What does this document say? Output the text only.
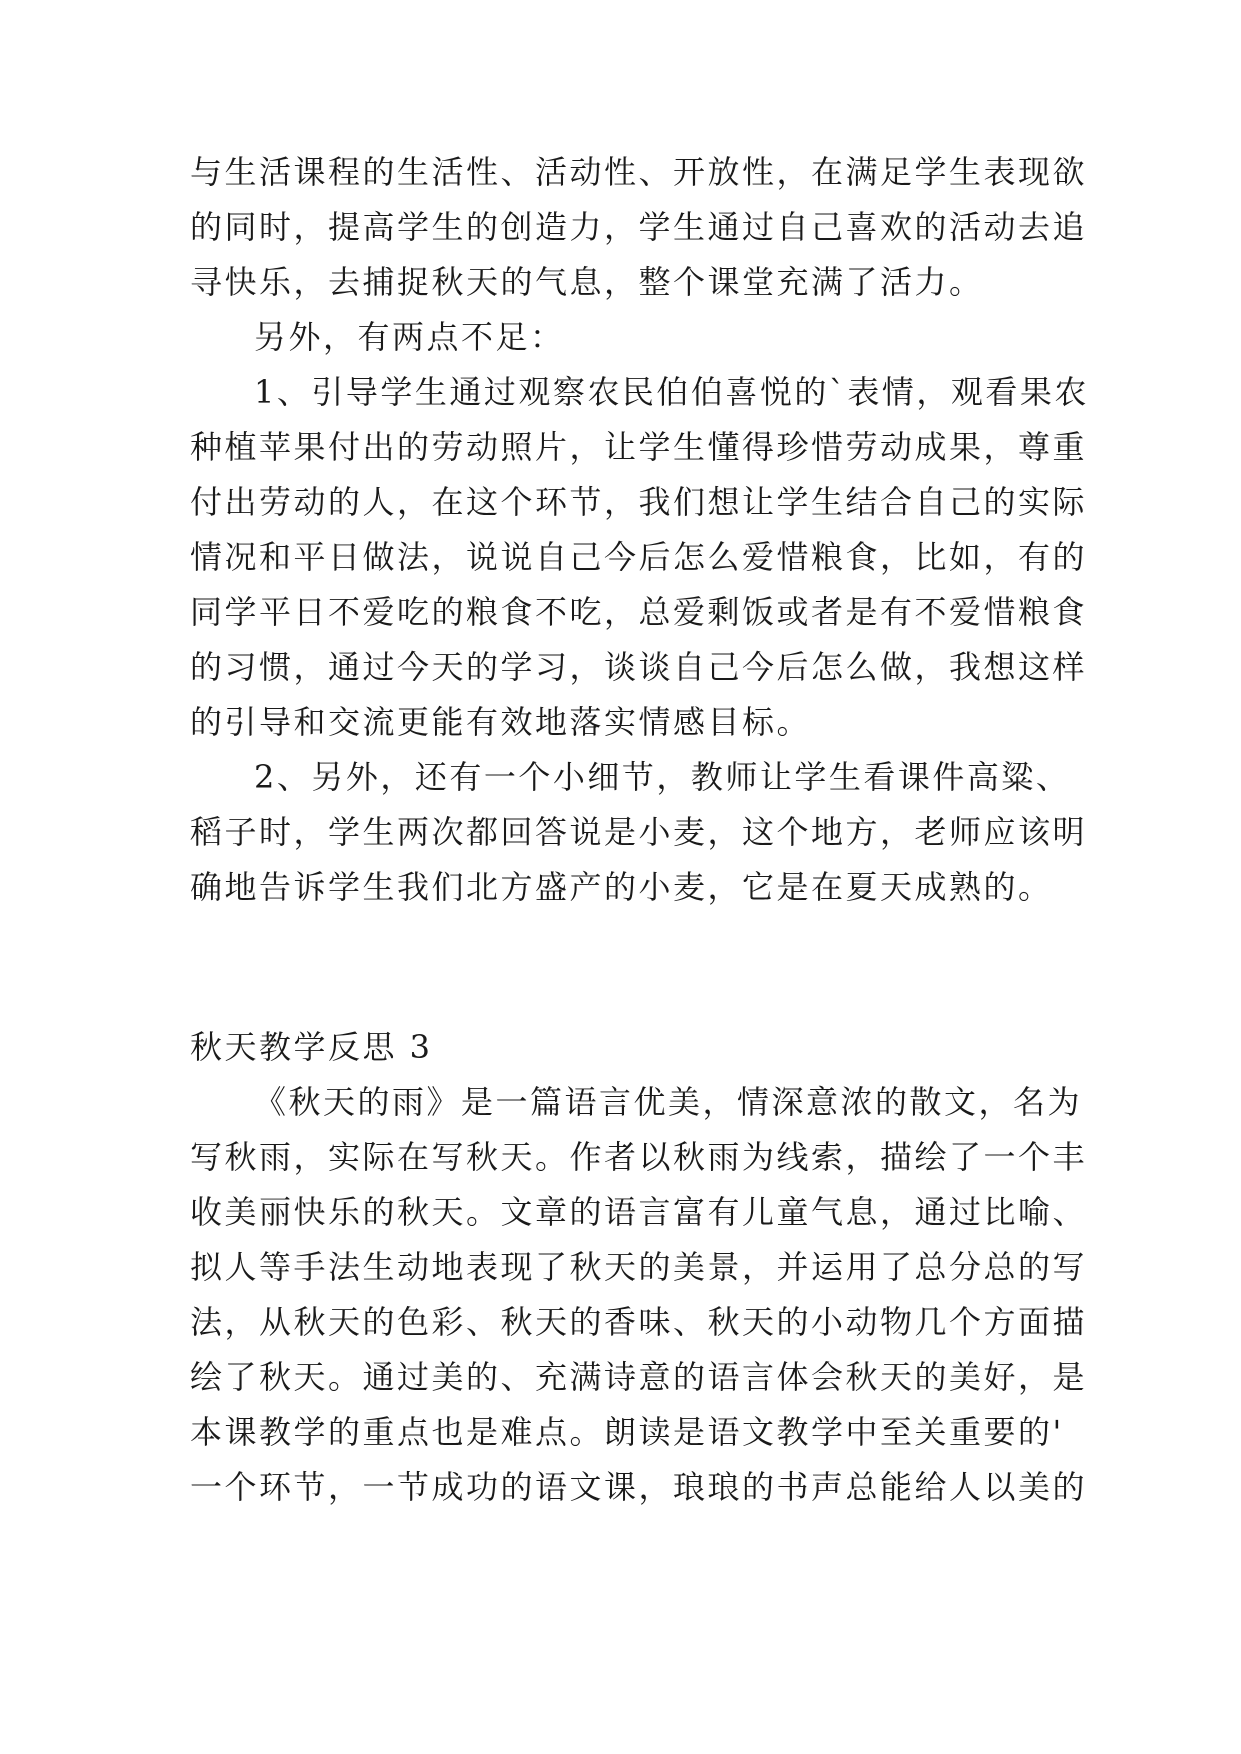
与生活课程的生活性、活动性、开放性，在满足学生表现欲
的同时，提高学生的创造力，学生通过自己喜欢的活动去追
寻快乐，去捕捉秋天的气息，整个课堂充满了活力。
另外，有两点不足：
1、引导学生通过观察农民伯伯喜悦的`表情，观看果农
种植苹果付出的劳动照片，让学生懂得珍惜劳动成果，尊重
付出劳动的人，在这个环节，我们想让学生结合自己的实际
情况和平日做法，说说自己今后怎么爱惜粮食，比如，有的
同学平日不爱吃的粮食不吃，总爱剩饭或者是有不爱惜粮食
的习惯，通过今天的学习，谈谈自己今后怎么做，我想这样
的引导和交流更能有效地落实情感目标。
2、另外，还有一个小细节，教师让学生看课件高粱、
稻子时，学生两次都回答说是小麦，这个地方，老师应该明
确地告诉学生我们北方盛产的小麦，它是在夏天成熟的。
秋天教学反思 3
《秋天的雨》是一篇语言优美，情深意浓的散文，名为
写秋雨，实际在写秋天。作者以秋雨为线索，描绘了一个丰
收美丽快乐的秋天。文章的语言富有儿童气息，通过比喻、
拟人等手法生动地表现了秋天的美景，并运用了总分总的写
法，从秋天的色彩、秋天的香味、秋天的小动物几个方面描
绘了秋天。通过美的、充满诗意的语言体会秋天的美好，是
本课教学的重点也是难点。朗读是语文教学中至关重要的'
一个环节，一节成功的语文课，琅琅的书声总能给人以美的
